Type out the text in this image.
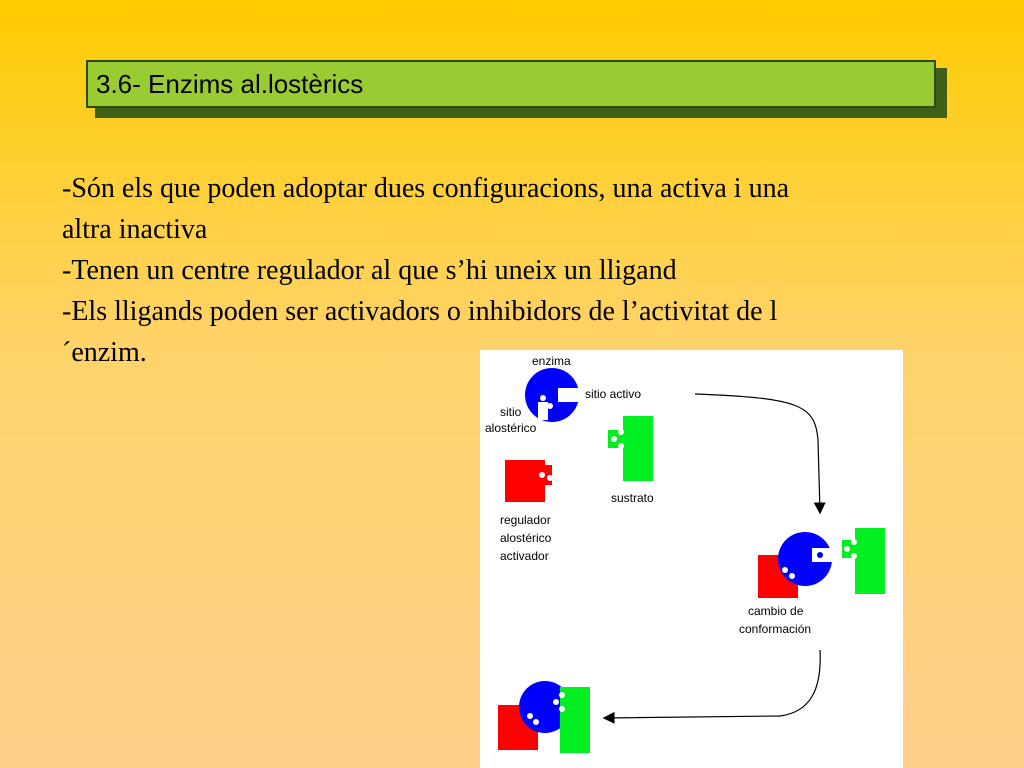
3.6- Enzims al.lostèrics

-Són els que poden adoptar dues configuracions, una activa i una altra inactiva

-Tenen un centre regulador al que s’hi uneix un lligand

-Els lligands poden ser activadors o inhibidors de l’activitat de l´enzim.	enzima
sitio activo
sitio
alostérico
sustrato
regulador
alostérico
activador
cambio de
conformación
